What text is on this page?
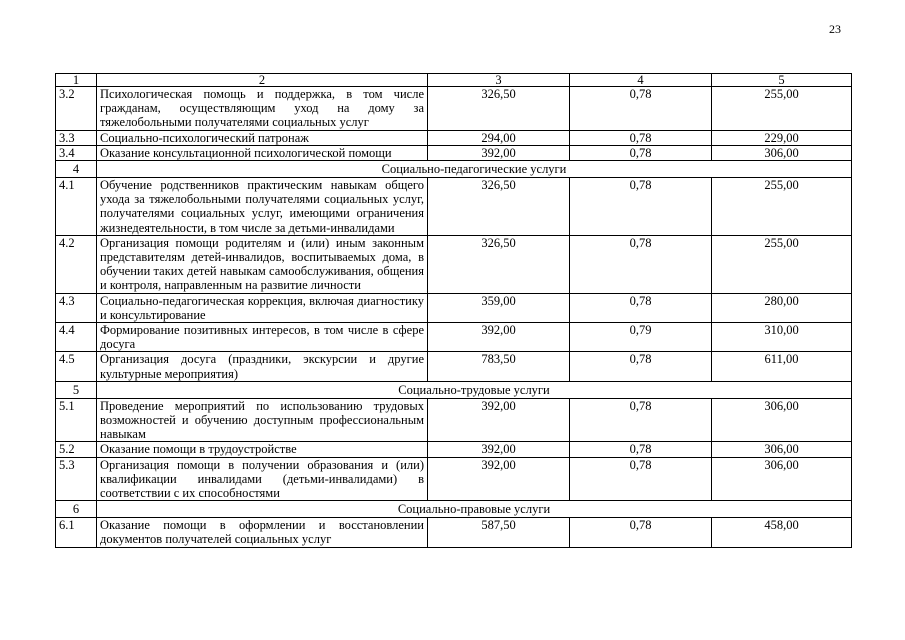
23
1	2	3	4	5
3.2	Психологическая помощь и поддержка, в том числе гражданам, осуществляющим уход на дому за тяжелобольными получателями социальных услуг	326,50	0,78	255,00
3.3	Социально-психологический патронаж	294,00	0,78	229,00
3.4	Оказание консультационной психологической помощи	392,00	0,78	306,00
4	Социально-педагогические услуги			
4.1	Обучение родственников практическим навыкам общего ухода за тяжелобольными получателями социальных услуг, получателями социальных услуг, имеющими ограничения жизнедеятельности, в том числе за детьми-инвалидами	326,50	0,78	255,00
4.2	Организация помощи родителям и (или) иным законным представителям детей-инвалидов, воспитываемых дома, в обучении таких детей навыкам самообслуживания, общения и контроля, направленным на развитие личности	326,50	0,78	255,00
4.3	Социально-педагогическая коррекция, включая диагностику и консультирование	359,00	0,78	280,00
4.4	Формирование позитивных интересов, в том числе в сфере досуга	392,00	0,79	310,00
4.5	Организация досуга (праздники, экскурсии и другие культурные мероприятия)	783,50	0,78	611,00
5	Социально-трудовые услуги			
5.1	Проведение мероприятий по использованию трудовых возможностей и обучению доступным профессиональным навыкам	392,00	0,78	306,00
5.2	Оказание помощи в трудоустройстве	392,00	0,78	306,00
5.3	Организация помощи в получении образования и (или) квалификации инвалидами (детьми-инвалидами) в соответствии с их способностями	392,00	0,78	306,00
6	Социально-правовые услуги			
6.1	Оказание помощи в оформлении и восстановлении документов получателей социальных услуг	587,50	0,78	458,00
